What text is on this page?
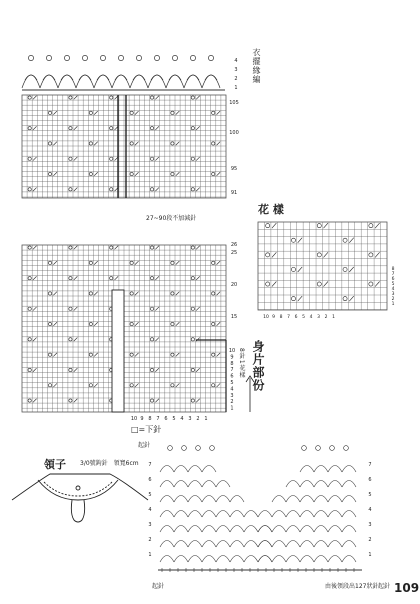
4
3
2
1
105
100
95
91
26
25
20
15
10
9
8
7
6
5
4
3
2
1
10 9 8 7 6 5 4 3 2 1
8
7
6
5
4
3
2
1
10 9 8 7 6 5 4 3 2 1
7
6
5
4
3
2
1
7
6
5
4
3
2
1
衣擺緣編
27~90段不加減針
花 樣
身片部份
8針1花樣
□=下針
領子 3/0號鉤針　領寬6cm
起針
起針	由後領段出127狀針 起針 109
